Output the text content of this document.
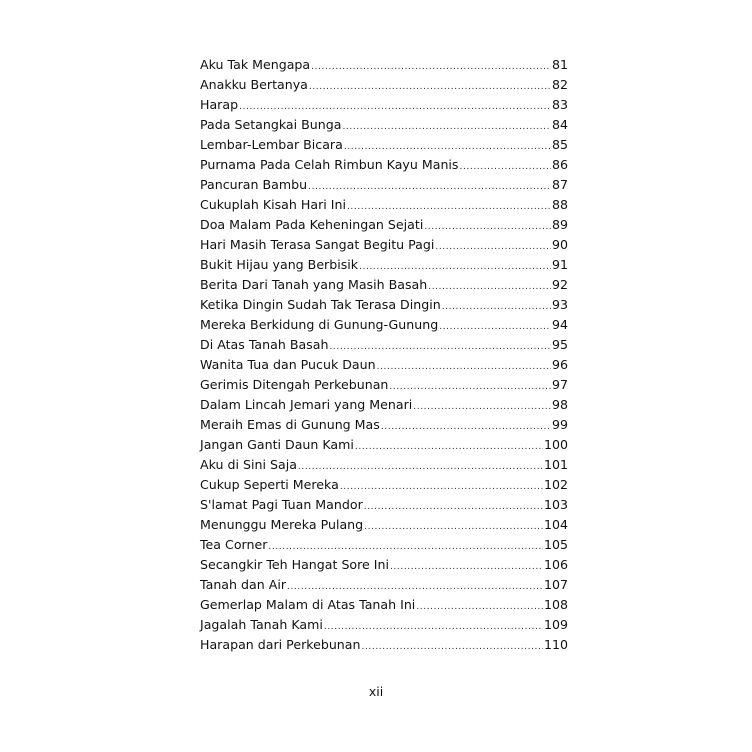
Aku Tak Mengapa .....	81
Anakku Bertanya .....	82
Harap .....	83
Pada Setangkai Bunga .....	84
Lembar-Lembar Bicara .....	85
Purnama Pada Celah Rimbun Kayu Manis .....	86
Pancuran Bambu .....	87
Cukuplah Kisah Hari Ini .....	88
Doa Malam Pada Keheningan Sejati .....	89
Hari Masih Terasa Sangat Begitu Pagi .....	90
Bukit Hijau yang Berbisik .....	91
Berita Dari Tanah yang Masih Basah .....	92
Ketika Dingin Sudah Tak Terasa Dingin .....	93
Mereka Berkidung di Gunung-Gunung .....	94
Di Atas Tanah Basah .....	95
Wanita Tua dan Pucuk Daun .....	96
Gerimis Ditengah Perkebunan .....	97
Dalam Lincah Jemari yang Menari .....	98
Meraih Emas di Gunung Mas .....	99
Jangan Ganti Daun Kami .....	100
Aku di Sini Saja .....	101
Cukup Seperti Mereka .....	102
S'lamat Pagi Tuan Mandor .....	103
Menunggu Mereka Pulang .....	104
Tea Corner .....	105
Secangkir Teh Hangat Sore Ini .....	106
Tanah dan Air .....	107
Gemerlap Malam di Atas Tanah Ini .....	108
Jagalah Tanah Kami .....	109
Harapan dari Perkebunan .....	110
xii
